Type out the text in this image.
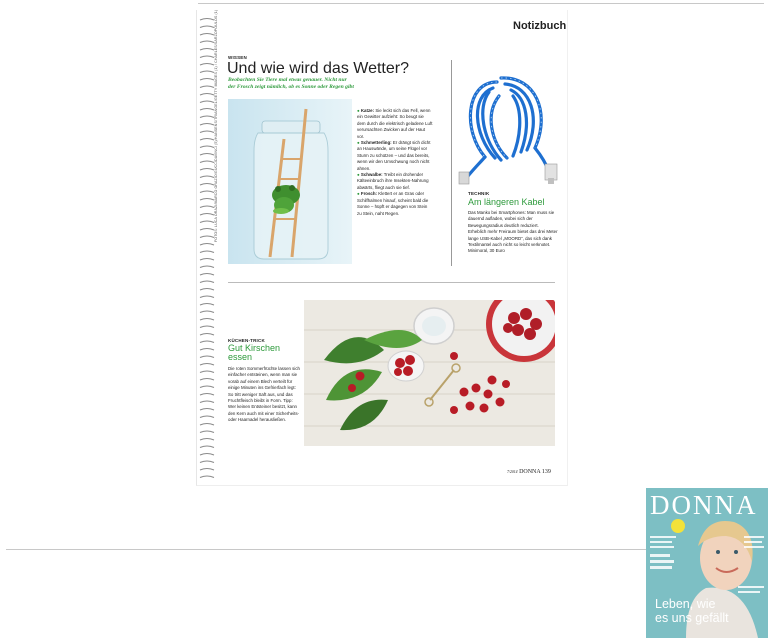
Notizbuch
WISSEN
Und wie wird das Wetter?
Beobachten Sie Tiere mal etwas genauer. Nicht nur
der Frosch zeigt nämlich, ob es Sonne oder Regen gibt

● Katze: Sie leckt sich das Fell, wenn ein Gewitter aufzieht: So beugt sie dem durch die elektrisch geladene Luft verursachten Zwicken auf der Haut vor.

● Schmetterling: Er drängt sich dicht an Hauswände, um seine Flügel vor Sturm zu schützen – und das bereits, wenn wir den Umschwung noch nicht ahnen.

● Schwalbe: Treibt ein drohender Kälteeinbruch ihre Insekten-Nahrung abwärts, fliegt auch sie tief.

● Frosch: Klettert er an Gras oder Schilfhalmen hinauf, scheint bald die Sonne – hüpft er dagegen von Stein zu Stein, naht Regen.

TECHNIK
Am längeren Kabel
Das Manko bei Smartphones: Man muss sie dauernd aufladen, wobei sich der Bewegungsradius deutlich reduziert. Erheblich mehr Freiraum bietet das drei Meter lange USB-Kabel „MOORD“, das sich dank Textilmantel auch nicht so leicht verknotet. Minimoral, 30 Euro
KÜCHEN-TRICK
Gut Kirschen
essen
Die roten Sommerfrüchte lassen sich einfacher entsteinen, wenn man sie vorab auf einem Blech verteilt für einige Minuten ins Gefrierfach legt: So tritt weniger Saft aus, und das Fruchtfleisch bleibt in Form. Tipp: Wer keinen Entsteiner besitzt, kann den Kern auch mit einer Sicherheits- oder Haarnadel herausließen.
FOTOS: LUCA ORAZI/MARCO ORAZIO/GUCCIDAVINCI (5)/HANSENS/TRIANGEL/GETTY IMAGES (1) / CHARLES/SARZOPOULOS (1)
7/2014 DONNA 139
DONNA
Leben, wie
es uns gefällt
